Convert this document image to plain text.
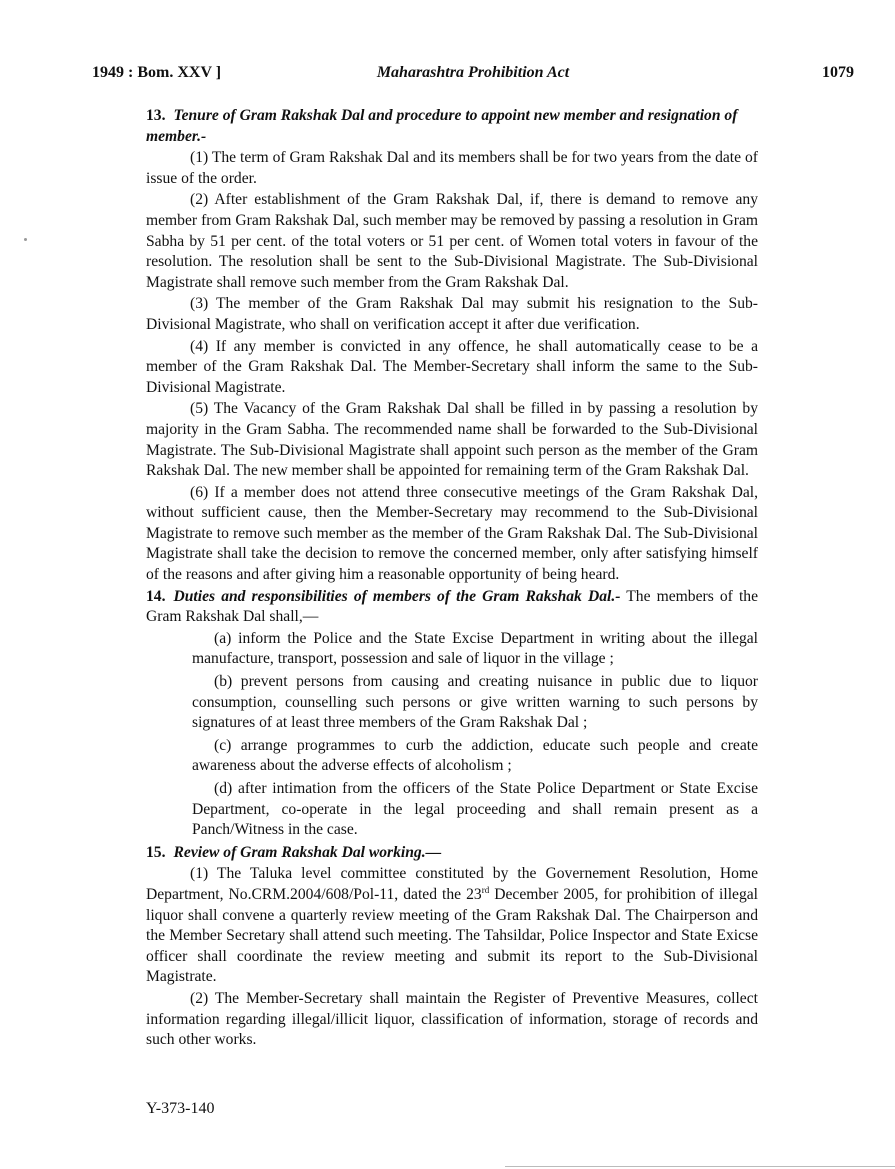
1949 : Bom. XXV ]	Maharashtra Prohibition Act	1079

13. Tenure of Gram Rakshak Dal and procedure to appoint new member and resignation of member.-

(1) The term of Gram Rakshak Dal and its members shall be for two years from the date of issue of the order.

(2) After establishment of the Gram Rakshak Dal, if, there is demand to remove any member from Gram Rakshak Dal, such member may be removed by passing a resolution in Gram Sabha by 51 per cent. of the total voters or 51 per cent. of Women total voters in favour of the resolution. The resolution shall be sent to the Sub-Divisional Magistrate. The Sub-Divisional Magistrate shall remove such member from the Gram Rakshak Dal.

(3) The member of the Gram Rakshak Dal may submit his resignation to the Sub-Divisional Magistrate, who shall on verification accept it after due verification.

(4) If any member is convicted in any offence, he shall automatically cease to be a member of the Gram Rakshak Dal. The Member-Secretary shall inform the same to the Sub-Divisional Magistrate.

(5) The Vacancy of the Gram Rakshak Dal shall be filled in by passing a resolution by majority in the Gram Sabha. The recommended name shall be forwarded to the Sub-Divisional Magistrate. The Sub-Divisional Magistrate shall appoint such person as the member of the Gram Rakshak Dal. The new member shall be appointed for remaining term of the Gram Rakshak Dal.

(6) If a member does not attend three consecutive meetings of the Gram Rakshak Dal, without sufficient cause, then the Member-Secretary may recommend to the Sub-Divisional Magistrate to remove such member as the member of the Gram Rakshak Dal. The Sub-Divisional Magistrate shall take the decision to remove the concerned member, only after satisfying himself of the reasons and after giving him a reasonable opportunity of being heard.

14. Duties and responsibilities of members of the Gram Rakshak Dal.- The members of the Gram Rakshak Dal shall,—

(a) inform the Police and the State Excise Department in writing about the illegal manufacture, transport, possession and sale of liquor in the village ;

(b) prevent persons from causing and creating nuisance in public due to liquor consumption, counselling such persons or give written warning to such persons by signatures of at least three members of the Gram Rakshak Dal ;

(c) arrange programmes to curb the addiction, educate such people and create awareness about the adverse effects of alcoholism ;

(d) after intimation from the officers of the State Police Department or State Excise Department, co-operate in the legal proceeding and shall remain present as a Panch/Witness in the case.

15. Review of Gram Rakshak Dal working.—

(1) The Taluka level committee constituted by the Governement Resolution, Home Department, No.CRM.2004/608/Pol-11, dated the 23rd December 2005, for prohibition of illegal liquor shall convene a quarterly review meeting of the Gram Rakshak Dal. The Chairperson and the Member Secretary shall attend such meeting. The Tahsildar, Police Inspector and State Exicse officer shall coordinate the review meeting and submit its report to the Sub-Divisional Magistrate.

(2) The Member-Secretary shall maintain the Register of Preventive Measures, collect information regarding illegal/illicit liquor, classification of information, storage of records and such other works.

Y-373-140
